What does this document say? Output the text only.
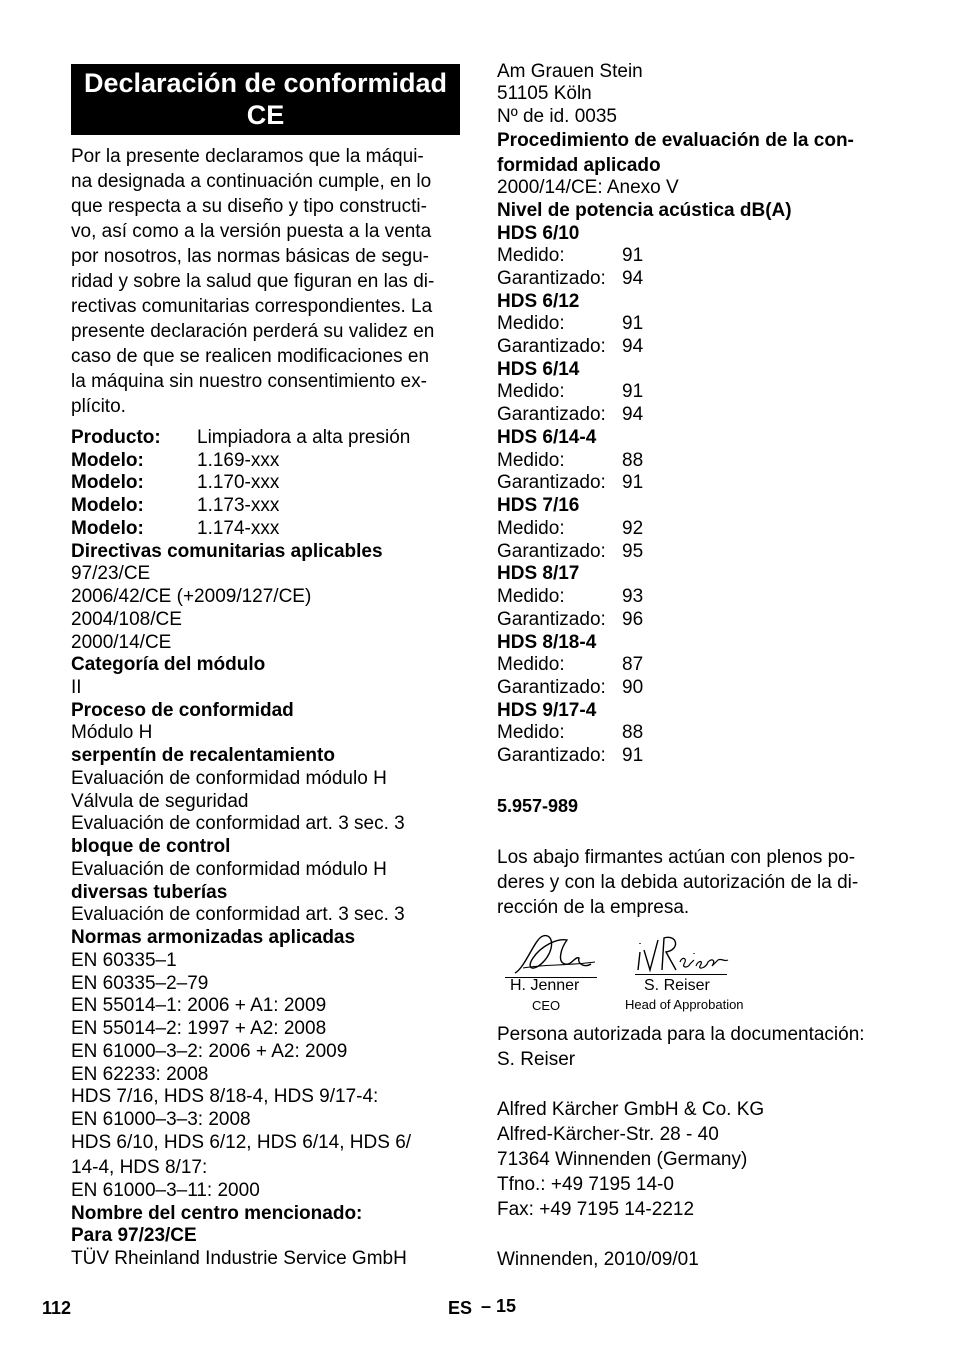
Declaración de conformidad CE
Por la presente declaramos que la máqui-
na designada a continuación cumple, en lo
que respecta a su diseño y tipo constructi-
vo, así como a la versión puesta a la venta
por nosotros, las normas básicas de segu-
ridad y sobre la salud que figuran en las di-
rectivas comunitarias correspondientes. La
presente declaración perderá su validez en
caso de que se realicen modificaciones en
la máquina sin nuestro consentimiento ex-
plícito.
Producto: Limpiadora a alta presión
Modelo:	1.169-xxx
Modelo:	1.170-xxx
Modelo:	1.173-xxx
Modelo:	1.174-xxx
Directivas comunitarias aplicables
97/23/CE
2006/42/CE (+2009/127/CE)
2004/108/CE
2000/14/CE
Categoría del módulo
II
Proceso de conformidad
Módulo H
serpentín de recalentamiento
Evaluación de conformidad módulo H
Válvula de seguridad
Evaluación de conformidad art. 3 sec. 3
bloque de control
Evaluación de conformidad módulo H
diversas tuberías
Evaluación de conformidad art. 3 sec. 3
Normas armonizadas aplicadas
EN 60335–1
EN 60335–2–79
EN 55014–1: 2006 + A1: 2009
EN 55014–2: 1997 + A2: 2008
EN 61000–3–2: 2006 + A2: 2009
EN 62233: 2008
HDS 7/16, HDS 8/18-4, HDS 9/17-4:
EN 61000–3–3: 2008
HDS 6/10, HDS 6/12, HDS 6/14, HDS 6/
14-4, HDS 8/17:
EN 61000–3–11: 2000
Nombre del centro mencionado:
Para 97/23/CE
TÜV Rheinland Industrie Service GmbH
Am Grauen Stein
51105 Köln
Nº de id. 0035
Procedimiento de evaluación de la con-
formidad aplicado
2000/14/CE: Anexo V
Nivel de potencia acústica dB(A)
HDS 6/10
Medido:	91
Garantizado: 94
HDS 6/12
Medido:	91
Garantizado: 94
HDS 6/14
Medido:	91
Garantizado: 94
HDS 6/14-4
Medido:	88
Garantizado: 91
HDS 7/16
Medido:	92
Garantizado: 95
HDS 8/17
Medido:	93
Garantizado: 96
HDS 8/18-4
Medido:	87
Garantizado: 90
HDS 9/17-4
Medido:	88
Garantizado: 91
5.957-989
Los abajo firmantes actúan con plenos po-
deres y con la debida autorización de la di-
rección de la empresa.
H. Jenner
CEO
S. Reiser
Head of Approbation
Persona autorizada para la documentación:
S. Reiser
Alfred Kärcher GmbH & Co. KG
Alfred-Kärcher-Str. 28 - 40
71364 Winnenden (Germany)
Tfno.: +49 7195 14-0
Fax: +49 7195 14-2212
Winnenden, 2010/09/01
112	ES – 15
